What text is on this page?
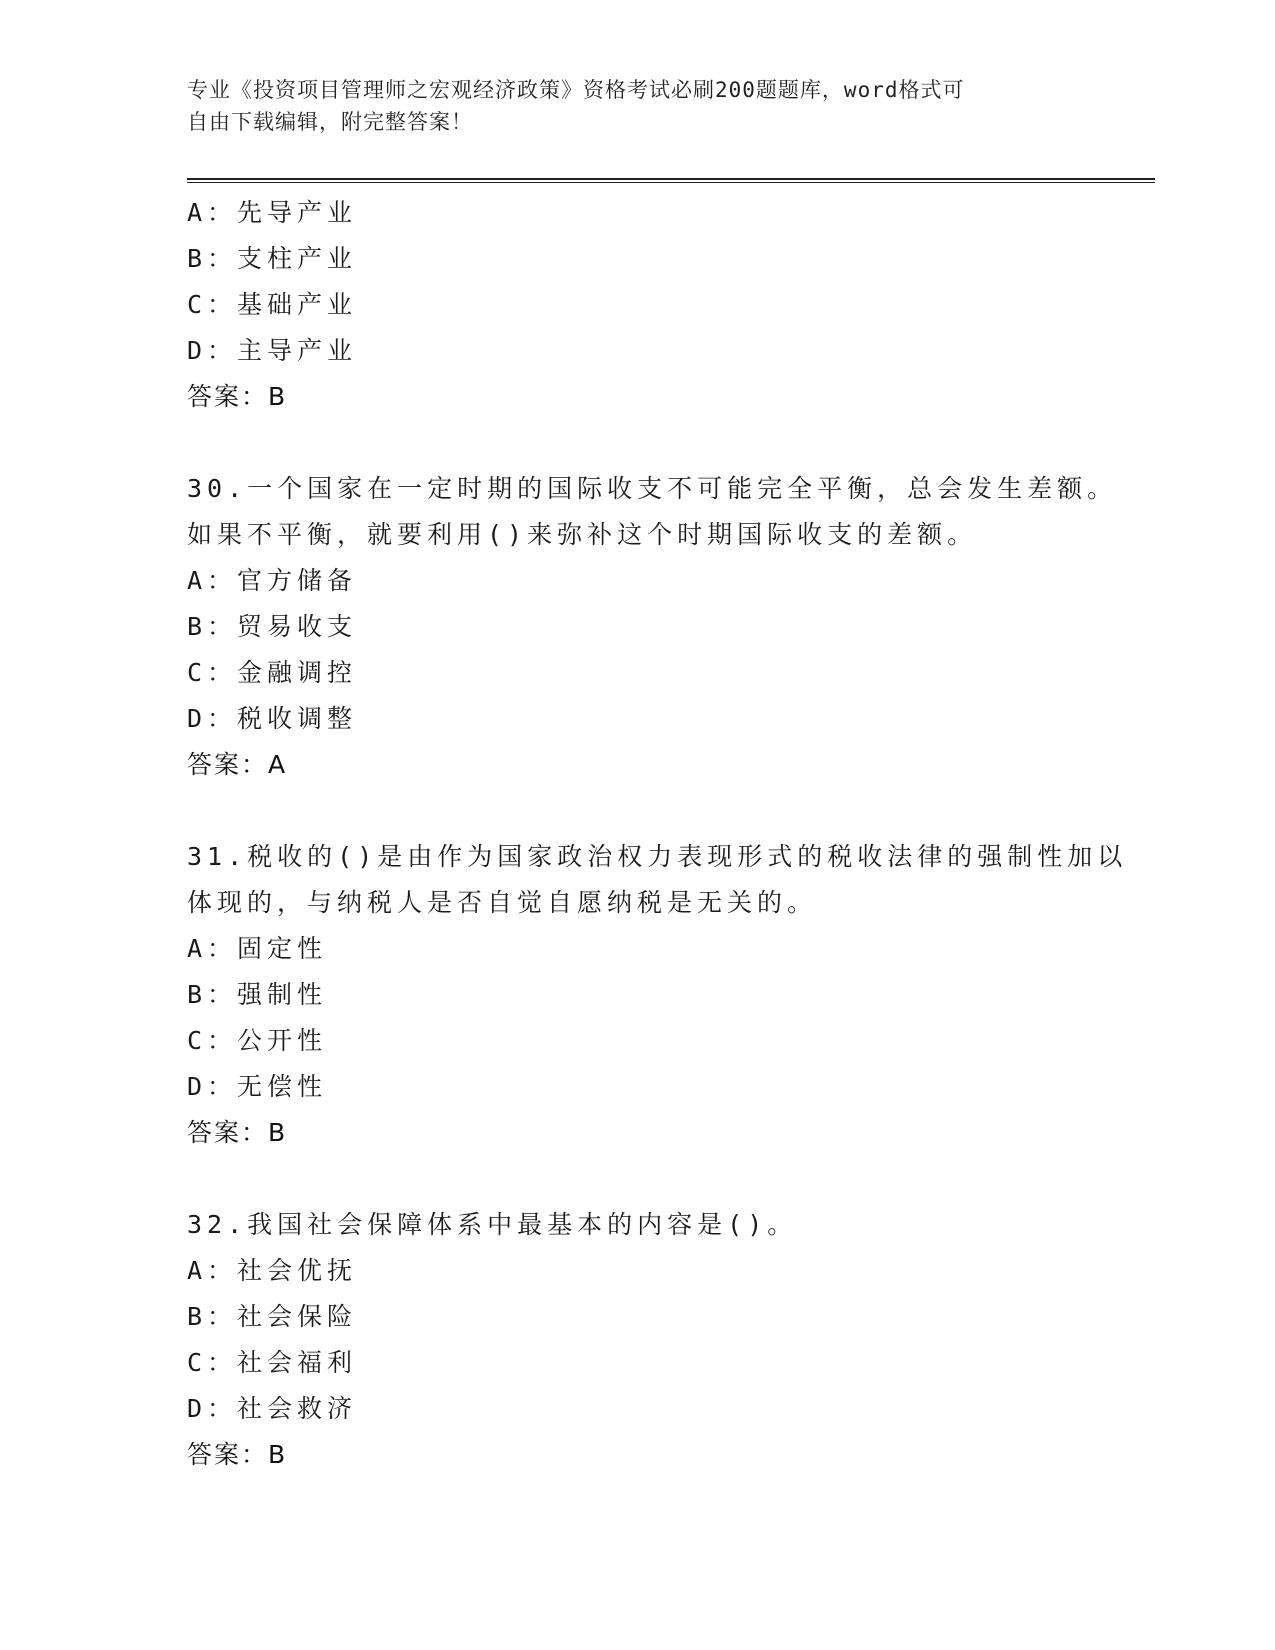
专业《投资项目管理师之宏观经济政策》资格考试必刷200题题库，word格式可
自由下载编辑，附完整答案！
A：先导产业
B：支柱产业
C：基础产业
D：主导产业
答案：B
30.一个国家在一定时期的国际收支不可能完全平衡，总会发生差额。
如果不平衡，就要利用()来弥补这个时期国际收支的差额。
A：官方储备
B：贸易收支
C：金融调控
D：税收调整
答案：A
31.税收的()是由作为国家政治权力表现形式的税收法律的强制性加以
体现的，与纳税人是否自觉自愿纳税是无关的。
A：固定性
B：强制性
C：公开性
D：无偿性
答案：B
32.我国社会保障体系中最基本的内容是()。
A：社会优抚
B：社会保险
C：社会福利
D：社会救济
答案：B
